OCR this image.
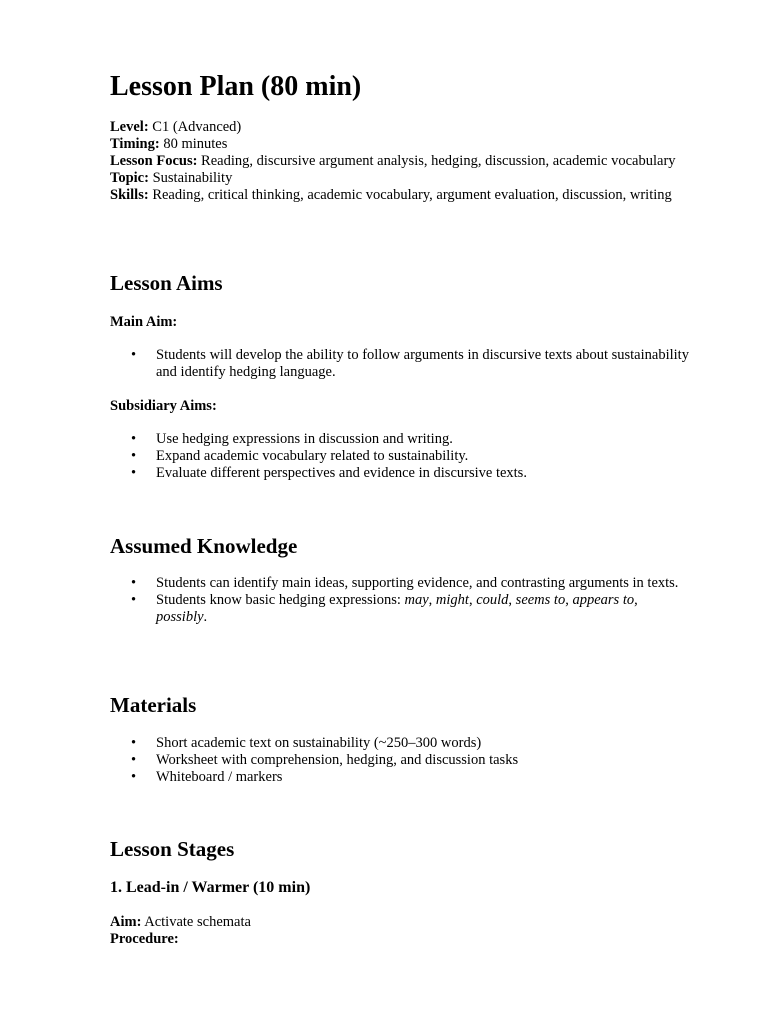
Lesson Plan (80 min)
Level: C1 (Advanced)
Timing: 80 minutes
Lesson Focus: Reading, discursive argument analysis, hedging, discussion, academic vocabulary
Topic: Sustainability
Skills: Reading, critical thinking, academic vocabulary, argument evaluation, discussion, writing
Lesson Aims
Main Aim:
• Students will develop the ability to follow arguments in discursive texts about sustainability and identify hedging language.
Subsidiary Aims:
• Use hedging expressions in discussion and writing.
• Expand academic vocabulary related to sustainability.
• Evaluate different perspectives and evidence in discursive texts.
Assumed Knowledge
• Students can identify main ideas, supporting evidence, and contrasting arguments in texts.
• Students know basic hedging expressions: may, might, could, seems to, appears to, possibly.
Materials
• Short academic text on sustainability (~250–300 words)
• Worksheet with comprehension, hedging, and discussion tasks
• Whiteboard / markers
Lesson Stages
1. Lead-in / Warmer (10 min)
Aim: Activate schemata
Procedure:
